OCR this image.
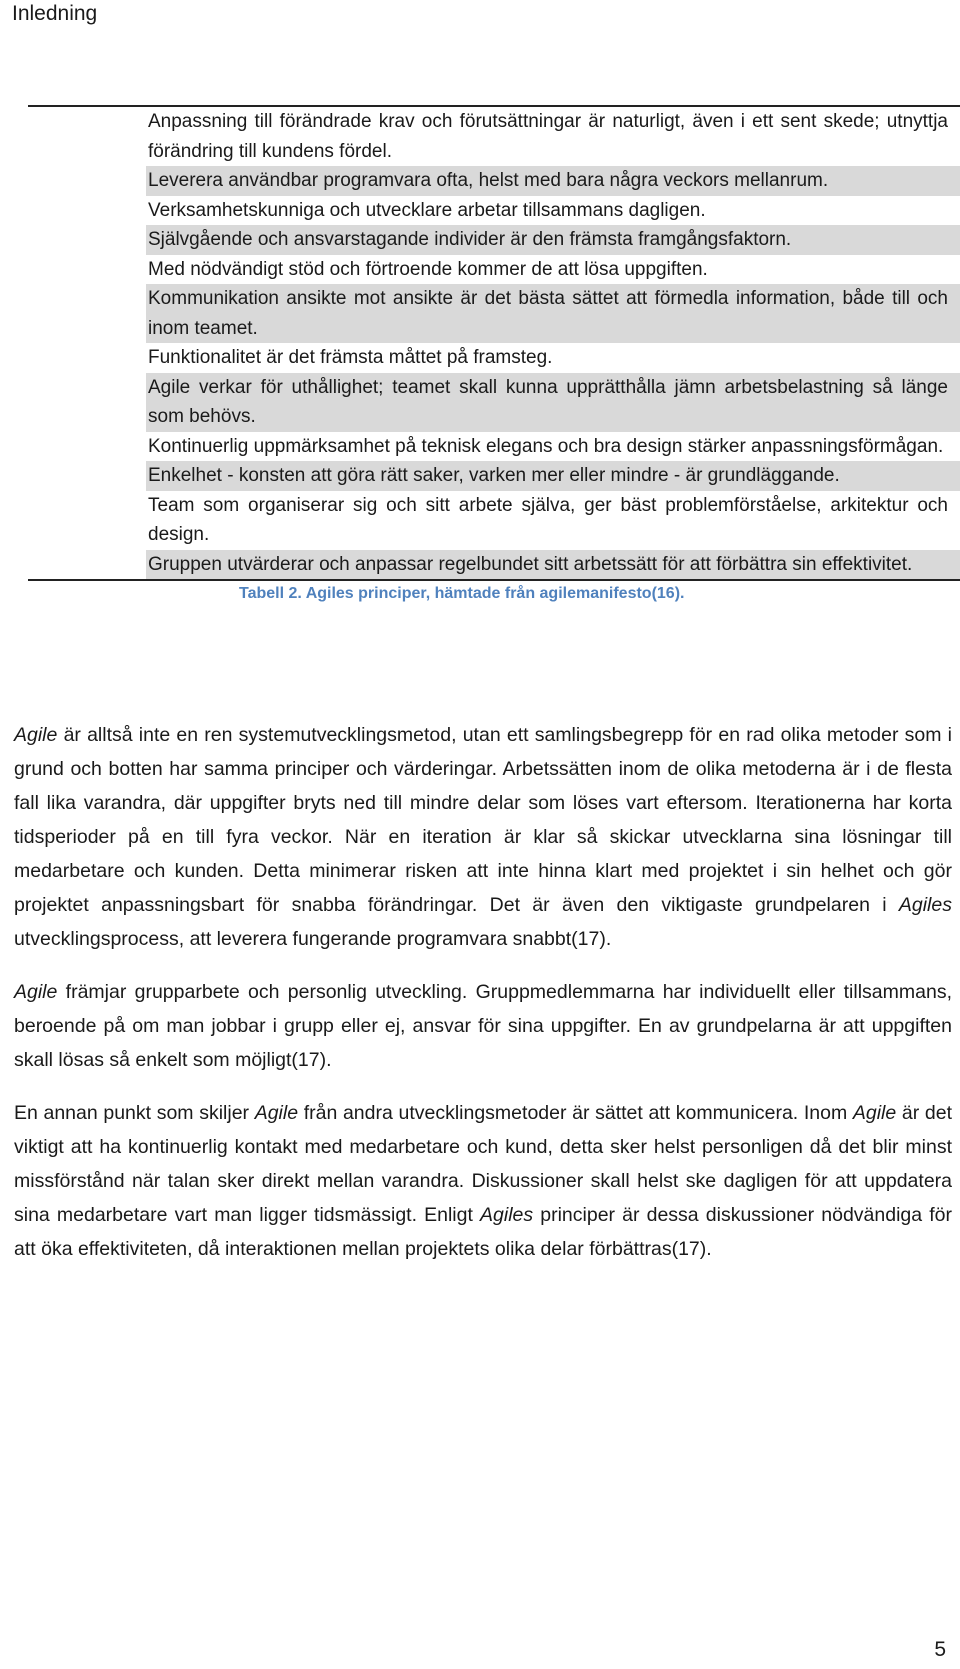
Inledning
Anpassning till förändrade krav och förutsättningar är naturligt, även i ett sent skede; utnyttja förändring till kundens fördel.
Leverera användbar programvara ofta, helst med bara några veckors mellanrum.
Verksamhetskunniga och utvecklare arbetar tillsammans dagligen.
Självgående och ansvarstagande individer är den främsta framgångsfaktorn.
Med nödvändigt stöd och förtroende kommer de att lösa uppgiften.
Kommunikation ansikte mot ansikte är det bästa sättet att förmedla information, både till och inom teamet.
Funktionalitet är det främsta måttet på framsteg.
Agile verkar för uthållighet; teamet skall kunna upprätthålla jämn arbetsbelastning så länge som behövs.
Kontinuerlig uppmärksamhet på teknisk elegans och bra design stärker anpassningsförmågan.
Enkelhet - konsten att göra rätt saker, varken mer eller mindre - är grundläggande.
Team som organiserar sig och sitt arbete själva, ger bäst problemförståelse, arkitektur och design.
Gruppen utvärderar och anpassar regelbundet sitt arbetssätt för att förbättra sin effektivitet.
Tabell 2. Agiles principer, hämtade från agilemanifesto(16).

Agile är alltså inte en ren systemutvecklingsmetod, utan ett samlingsbegrepp för en rad olika metoder som i grund och botten har samma principer och värderingar. Arbetssätten inom de olika metoderna är i de flesta fall lika varandra, där uppgifter bryts ned till mindre delar som löses vart eftersom. Iterationerna har korta tidsperioder på en till fyra veckor. När en iteration är klar så skickar utvecklarna sina lösningar till medarbetare och kunden. Detta minimerar risken att inte hinna klart med projektet i sin helhet och gör projektet anpassningsbart för snabba förändringar. Det är även den viktigaste grundpelaren i Agiles utvecklingsprocess, att leverera fungerande programvara snabbt(17).

Agile främjar grupparbete och personlig utveckling. Gruppmedlemmarna har individuellt eller tillsammans, beroende på om man jobbar i grupp eller ej, ansvar för sina uppgifter. En av grundpelarna är att uppgiften skall lösas så enkelt som möjligt(17).

En annan punkt som skiljer Agile från andra utvecklingsmetoder är sättet att kommunicera. Inom Agile är det viktigt att ha kontinuerlig kontakt med medarbetare och kund, detta sker helst personligen då det blir minst missförstånd när talan sker direkt mellan varandra. Diskussioner skall helst ske dagligen för att uppdatera sina medarbetare vart man ligger tidsmässigt. Enligt Agiles principer är dessa diskussioner nödvändiga för att öka effektiviteten, då interaktionen mellan projektets olika delar förbättras(17).

5
